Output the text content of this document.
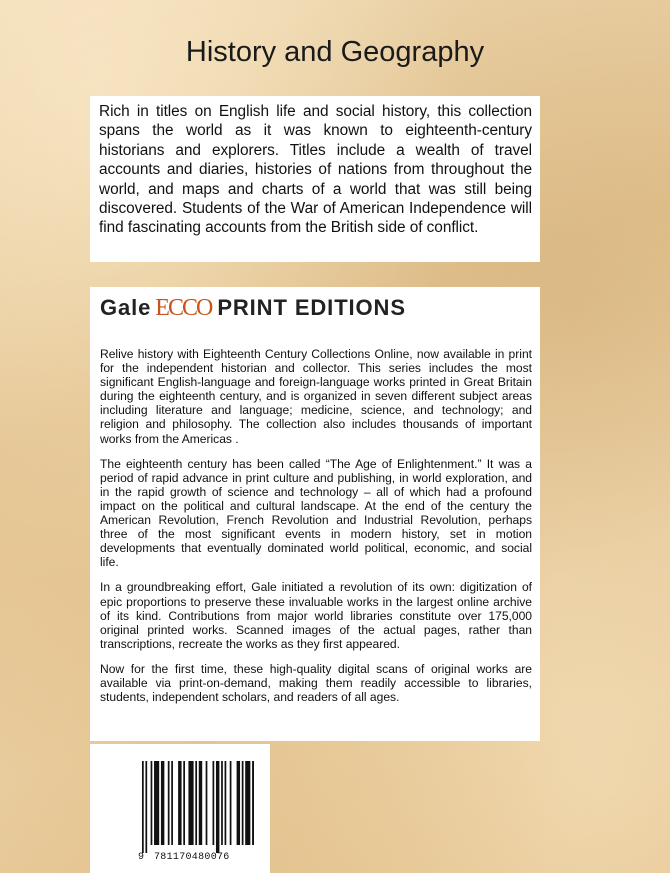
History and Geography

Rich in titles on English life and social history, this collection spans the world as it was known to eighteenth-century historians and explorers. Titles include a wealth of travel accounts and diaries, histories of nations from throughout the world, and maps and charts of a world that was still being discovered. Students of the War of American Independence will find fascinating accounts from the British side of conflict.

Gale ECCO PRINT EDITIONS

Relive history with Eighteenth Century Collections Online, now available in print for the independent historian and collector. This series includes the most significant English-language and foreign-language works printed in Great Britain during the eighteenth century, and is organized in seven different subject areas including literature and language; medicine, science, and technology; and religion and philosophy. The collection also includes thousands of important works from the Americas .

The eighteenth century has been called “The Age of Enlightenment.” It was a period of rapid advance in print culture and publishing, in world exploration, and in the rapid growth of science and technology – all of which had a profound impact on the political and cultural landscape. At the end of the century the American Revolution, French Revolution and Industrial Revolution, perhaps three of the most significant events in modern history, set in motion developments that eventually dominated world political, economic, and social life.

In a groundbreaking effort, Gale initiated a revolution of its own: digitization of epic proportions to preserve these invaluable works in the largest online archive of its kind. Contributions from major world libraries constitute over 175,000 original printed works. Scanned images of the actual pages, rather than transcriptions, recreate the works as they first appeared.

Now for the first time, these high-quality digital scans of original works are available via print-on-demand, making them readily accessible to libraries, students, independent scholars, and readers of all ages.

9 781170480076
